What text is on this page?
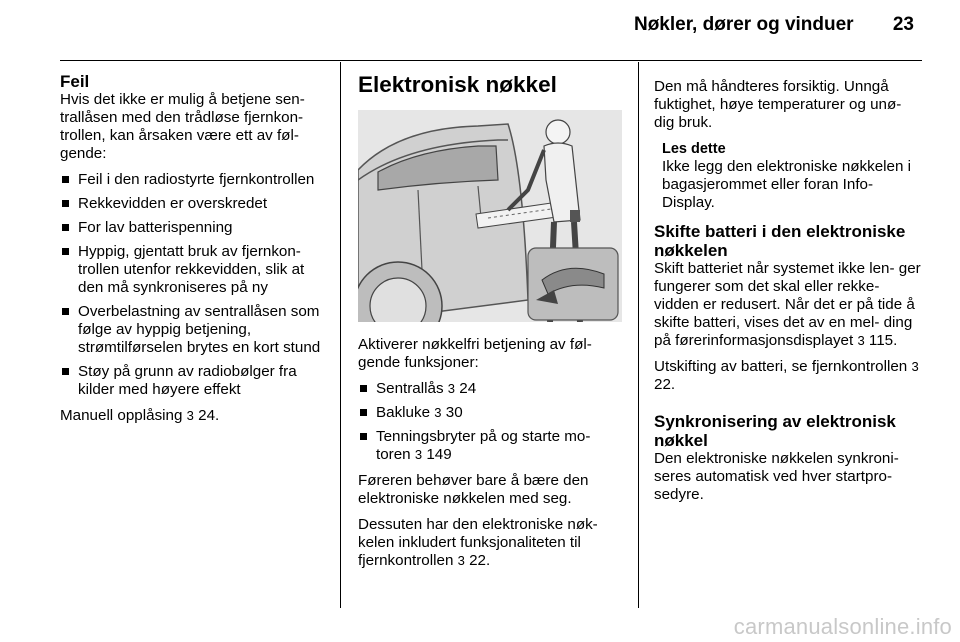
Nøkler, dører og vinduer 23
Feil

Hvis det ikke er mulig å betjene sen- trallåsen med den trådløse fjernkon- trollen, kan årsaken være ett av føl- gende:

Feil i den radiostyrte fjernkontrollen
Rekkevidden er overskredet
For lav batterispenning
Hyppig, gjentatt bruk av fjernkon- trollen utenfor rekkevidden, slik at den må synkroniseres på ny
Overbelastning av sentrallåsen som følge av hyppig betjening, strømtilførselen brytes en kort stund
Støy på grunn av radiobølger fra kilder med høyere effekt

Manuell opplåsing 3 24.

Elektronisk nøkkel

Aktiverer nøkkelfri betjening av føl- gende funksjoner:

Sentrallås 3 24
Bakluke 3 30
Tenningsbryter på og starte mo- toren 3 149

Føreren behøver bare å bære den elektroniske nøkkelen med seg.

Dessuten har den elektroniske nøk- kelen inkludert funksjonaliteten til fjernkontrollen 3 22.

Den må håndteres forsiktig. Unngå fuktighet, høye temperaturer og unø- dig bruk.

Les dette
Ikke legg den elektroniske nøkkelen i bagasjerommet eller foran Info-Display.
Skifte batteri i den elektroniske nøkkelen

Skift batteriet når systemet ikke len- ger fungerer som det skal eller rekke- vidden er redusert. Når det er på tide å skifte batteri, vises det av en mel- ding på førerinformasjonsdisplayet 3 115.

Utskifting av batteri, se fjernkontrollen 3 22.

Synkronisering av elektronisk nøkkel

Den elektroniske nøkkelen synkroni- seres automatisk ved hver startpro- sedyre.

carmanualsonline.info
